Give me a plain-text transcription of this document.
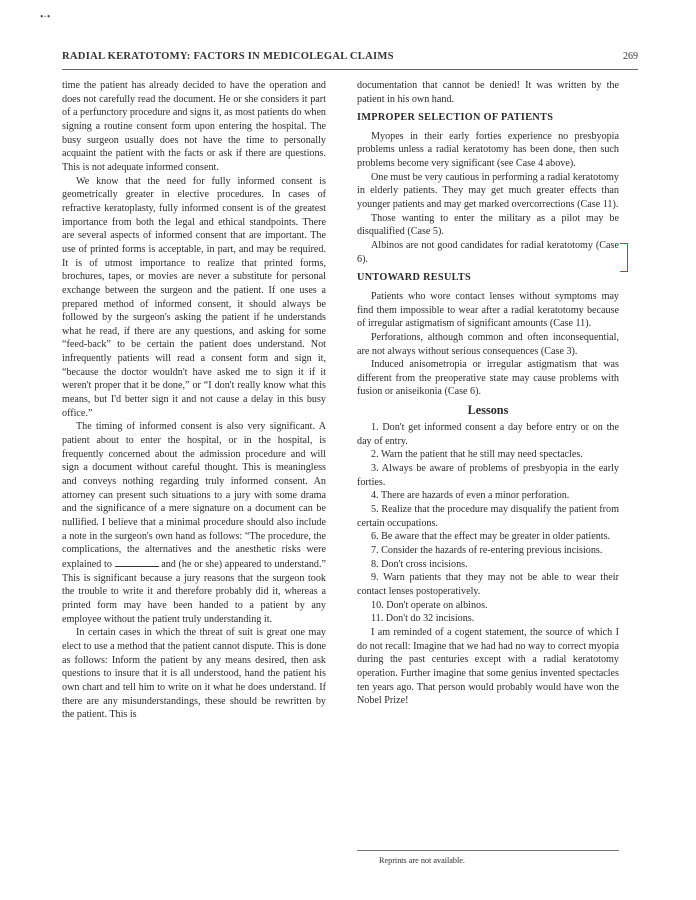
•·•
RADIAL KERATOTOMY: FACTORS IN MEDICOLEGAL CLAIMS	269

time the patient has already decided to have the operation and does not carefully read the document. He or she considers it part of a perfunctory procedure and signs it, as most patients do when signing a routine consent form upon entering the hospital. The busy surgeon usually does not have the time to personally acquaint the patient with the facts or ask if there are questions. This is not adequate informed consent.

We know that the need for fully informed consent is geometrically greater in elective procedures. In cases of refractive keratoplasty, fully informed consent is of the greatest importance from both the legal and ethical standpoints. There are several aspects of informed consent that are important. The use of printed forms is acceptable, in part, and may be required. It is of utmost importance to realize that printed forms, brochures, tapes, or movies are never a substitute for personal exchange between the surgeon and the patient. If one uses a prepared method of informed consent, it should always be followed by the surgeon's asking the patient if he understands what he read, if there are any questions, and asking for some “feed-back” to be certain the patient does understand. Not infrequently patients will read a consent form and sign it, “because the doctor wouldn't have asked me to sign it if it weren't proper that it be done,” or “I don't really know what this means, but I'd better sign it and not cause a delay in this busy office.”

The timing of informed consent is also very significant. A patient about to enter the hospital, or in the hospital, is frequently concerned about the admission procedure and will sign a document without careful thought. This is meaningless and conveys nothing regarding truly informed consent. An attorney can present such situations to a jury with some drama and the significance of a mere signature on a document can be nullified. I believe that a minimal procedure should also include a note in the surgeon's own hand as follows: “The procedure, the complications, the alternatives and the anesthetic risks were explained to	and (he or she) appeared to understand.” This is significant because a jury reasons that the surgeon took the trouble to write it and therefore probably did it, whereas a printed form may have been handed to a patient by any employee without the patient truly understanding it.

In certain cases in which the threat of suit is great one may elect to use a method that the patient cannot dispute. This is done as follows: Inform the patient by any means desired, then ask questions to insure that it is all understood, hand the patient his own chart and tell him to write on it what he does understand. If there are any misunderstandings, these should be rewritten by the patient. This is

documentation that cannot be denied! It was written by the patient in his own hand.

IMPROPER SELECTION OF PATIENTS

Myopes in their early forties experience no presbyopia problems unless a radial keratotomy has been done, then such problems become very significant (see Case 4 above).

One must be very cautious in performing a radial keratotomy in elderly patients. They may get much greater effects than younger patients and may get marked overcorrections (Case 11).

Those wanting to enter the military as a pilot may be disqualified (Case 5).

Albinos are not good candidates for radial keratotomy (Case 6).

UNTOWARD RESULTS

Patients who wore contact lenses without symptoms may find them impossible to wear after a radial keratotomy because of irregular astigmatism of significant amounts (Case 11).

Perforations, although common and often inconsequential, are not always without serious consequences (Case 3).

Induced anisometropia or irregular astigmatism that was different from the preoperative state may cause problems with fusion or aniseikonia (Case 6).

Lessons

1. Don't get informed consent a day before entry or on the day of entry.

2. Warn the patient that he still may need spectacles.

3. Always be aware of problems of presbyopia in the early forties.

4. There are hazards of even a minor perforation.

5. Realize that the procedure may disqualify the patient from certain occupations.

6. Be aware that the effect may be greater in older patients.

7. Consider the hazards of re-entering previous incisions.

8. Don't cross incisions.

9. Warn patients that they may not be able to wear their contact lenses postoperatively.

10. Don't operate on albinos.

11. Don't do 32 incisions.

I am reminded of a cogent statement, the source of which I do not recall: Imagine that we had had no way to correct myopia during the past centuries except with a radial keratotomy operation. Further imagine that some genius invented spectacles ten years ago. That person would probably would have won the Nobel Prize!

Reprints are not available.
